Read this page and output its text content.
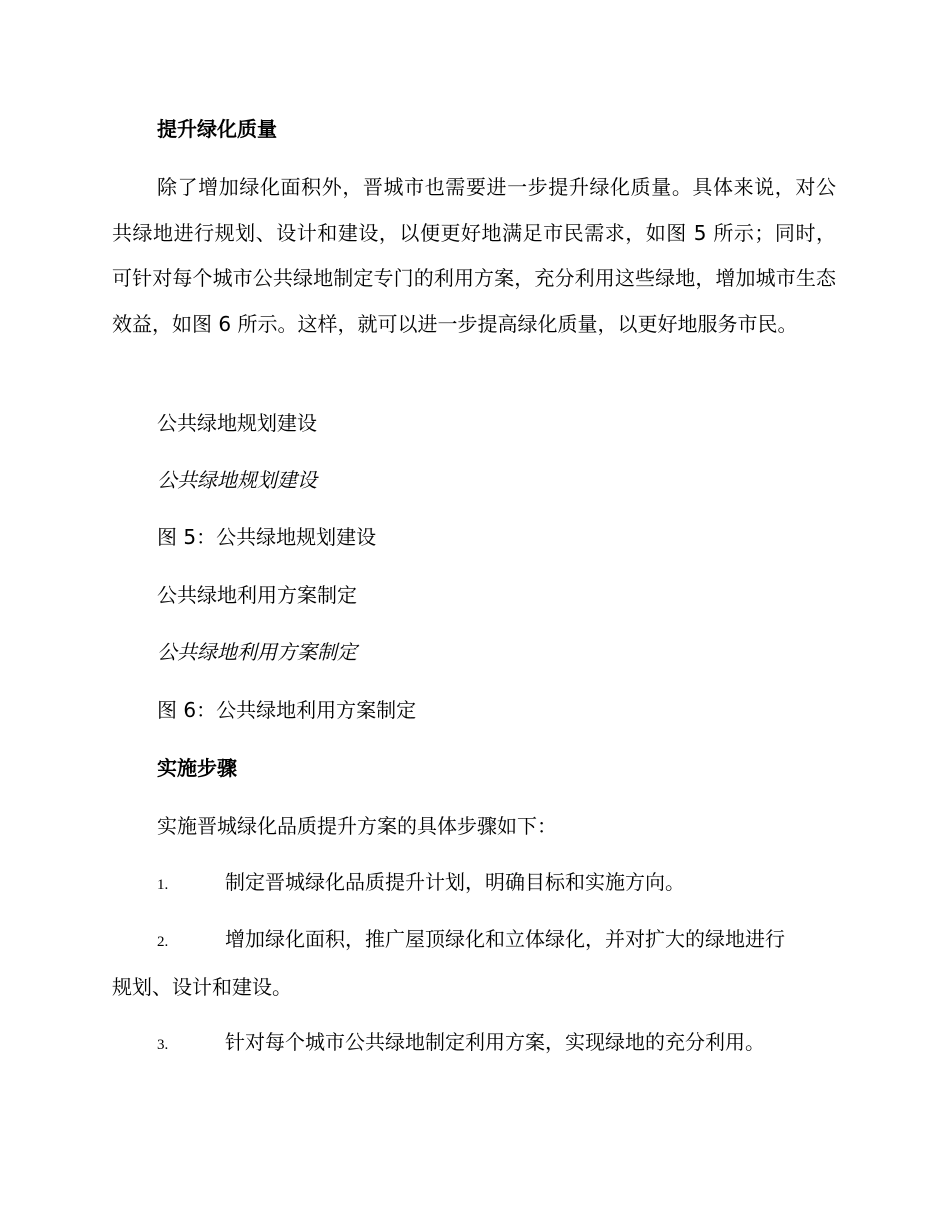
提升绿化质量
除了增加绿化面积外，晋城市也需要进一步提升绿化质量。具体来说，对公共绿地进行规划、设计和建设，以便更好地满足市民需求，如图 5 所示；同时，可针对每个城市公共绿地制定专门的利用方案，充分利用这些绿地，增加城市生态效益，如图 6 所示。这样，就可以进一步提高绿化质量，以更好地服务市民。
公共绿地规划建设
公共绿地规划建设
图 5：公共绿地规划建设
公共绿地利用方案制定
公共绿地利用方案制定
图 6：公共绿地利用方案制定
实施步骤
实施晋城绿化品质提升方案的具体步骤如下：
1.	制定晋城绿化品质提升计划，明确目标和实施方向。
2.	增加绿化面积，推广屋顶绿化和立体绿化，并对扩大的绿地进行
规划、设计和建设。
3.	针对每个城市公共绿地制定利用方案，实现绿地的充分利用。
